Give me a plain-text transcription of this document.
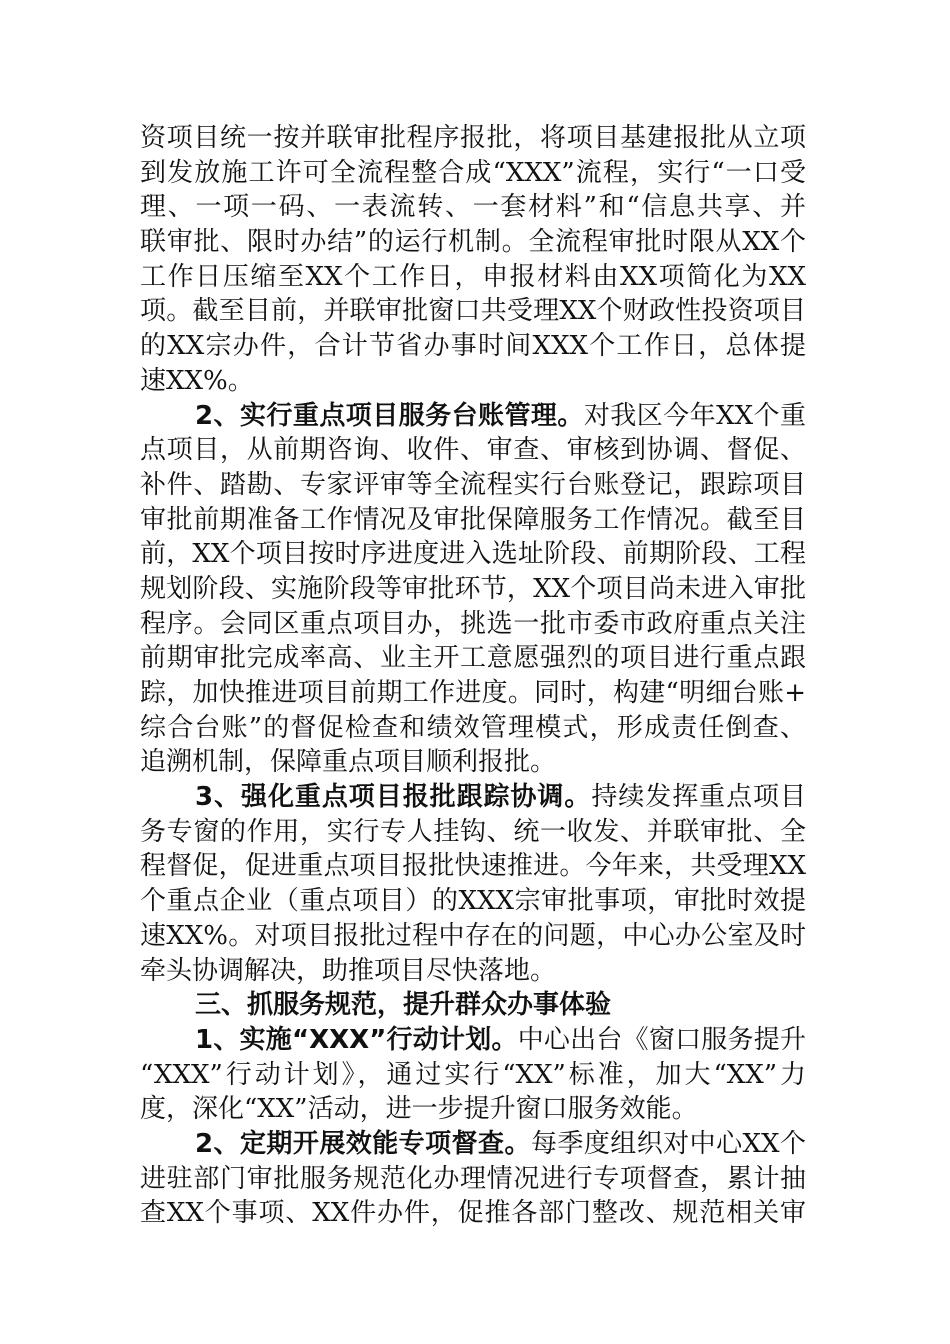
资项目统一按并联审批程序报批，将项目基建报批从立项
到发放施工许可全流程整合成“XXX”流程，实行“一口受
理、一项一码、一表流转、一套材料”和“信息共享、并
联审批、限时办结”的运行机制。全流程审批时限从XX个
工作日压缩至XX个工作日，申报材料由XX项简化为XX
项。截至目前，并联审批窗口共受理XX个财政性投资项目
的XX宗办件，合计节省办事时间XXX个工作日，总体提
速XX%。
2、实行重点项目服务台账管理。对我区今年XX个重
点项目，从前期咨询、收件、审查、审核到协调、督促、
补件、踏勘、专家评审等全流程实行台账登记，跟踪项目
审批前期准备工作情况及审批保障服务工作情况。截至目
前，XX个项目按时序进度进入选址阶段、前期阶段、工程
规划阶段、实施阶段等审批环节，XX个项目尚未进入审批
程序。会同区重点项目办，挑选一批市委市政府重点关注
前期审批完成率高、业主开工意愿强烈的项目进行重点跟
踪，加快推进项目前期工作进度。同时，构建“明细台账+
综合台账”的督促检查和绩效管理模式，形成责任倒查、
追溯机制，保障重点项目顺利报批。
3、强化重点项目报批跟踪协调。持续发挥重点项目
务专窗的作用，实行专人挂钩、统一收发、并联审批、全
程督促，促进重点项目报批快速推进。今年来，共受理XX
个重点企业（重点项目）的XXX宗审批事项，审批时效提
速XX%。对项目报批过程中存在的问题，中心办公室及时
牵头协调解决，助推项目尽快落地。
三、抓服务规范，提升群众办事体验
1、实施“XXX”行动计划。中心出台《窗口服务提升
“XXX”行动计划》，通过实行“XX”标准，加大“XX”力
度，深化“XX”活动，进一步提升窗口服务效能。
2、定期开展效能专项督查。每季度组织对中心XX个
进驻部门审批服务规范化办理情况进行专项督查，累计抽
查XX个事项、XX件办件，促推各部门整改、规范相关审
